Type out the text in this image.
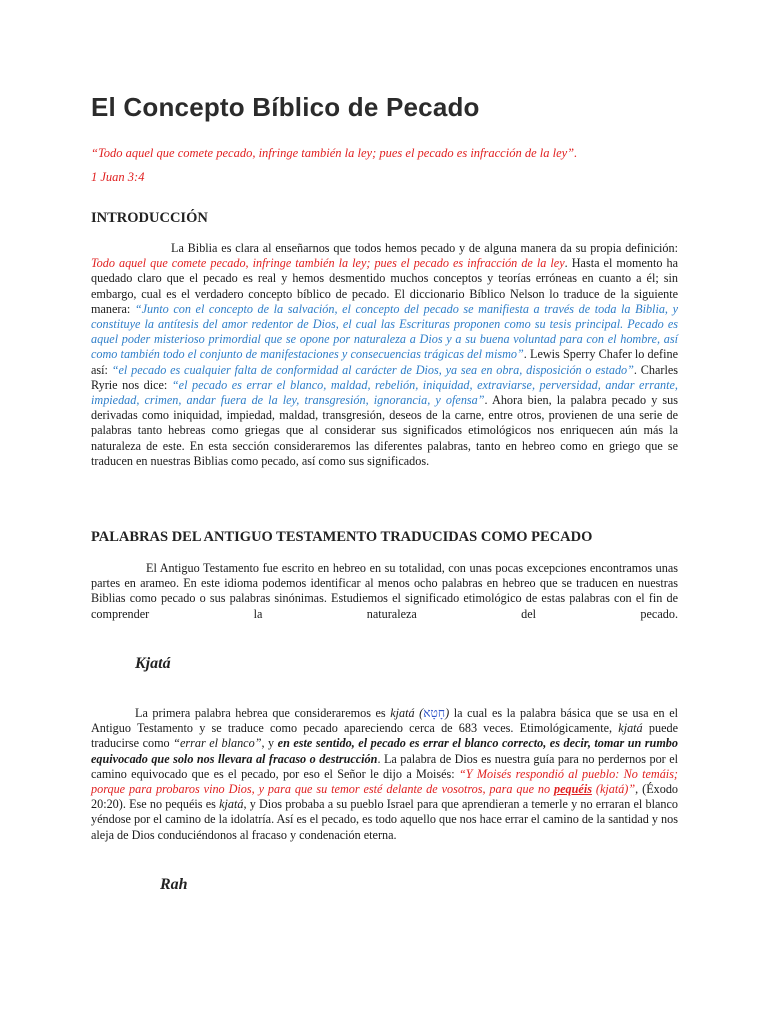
El Concepto Bíblico de Pecado
“Todo aquel que comete pecado, infringe también la ley; pues el pecado es infracción de la ley”.
1 Juan 3:4
INTRODUCCIÓN

La Biblia es clara al enseñarnos que todos hemos pecado y de alguna manera da su propia definición: Todo aquel que comete pecado, infringe también la ley; pues el pecado es infracción de la ley. Hasta el momento ha quedado claro que el pecado es real y hemos desmentido muchos conceptos y teorías erróneas en cuanto a él; sin embargo, cual es el verdadero concepto bíblico de pecado. El diccionario Bíblico Nelson lo traduce de la siguiente manera: “Junto con el concepto de la salvación, el concepto del pecado se manifiesta a través de toda la Biblia, y constituye la antítesis del amor redentor de Dios, el cual las Escrituras proponen como su tesis principal. Pecado es aquel poder misterioso primordial que se opone por naturaleza a Dios y a su buena voluntad para con el hombre, así como también todo el conjunto de manifestaciones y consecuencias trágicas del mismo”. Lewis Sperry Chafer lo define así: “el pecado es cualquier falta de conformidad al carácter de Dios, ya sea en obra, disposición o estado”. Charles Ryrie nos dice: “el pecado es errar el blanco, maldad, rebelión, iniquidad, extraviarse, perversidad, andar errante, impiedad, crimen, andar fuera de la ley, transgresión, ignorancia, y ofensa”. Ahora bien, la palabra pecado y sus derivadas como iniquidad, impiedad, maldad, transgresión, deseos de la carne, entre otros, provienen de una serie de palabras tanto hebreas como griegas que al considerar sus significados etimológicos nos enriquecen aún más la naturaleza de este. En esta sección consideraremos las diferentes palabras, tanto en hebreo como en griego que se traducen en nuestras Biblias como pecado, así como sus significados.

PALABRAS DEL ANTIGUO TESTAMENTO TRADUCIDAS COMO PECADO

El Antiguo Testamento fue escrito en hebreo en su totalidad, con unas pocas excepciones encontramos unas partes en arameo. En este idioma podemos identificar al menos ocho palabras en hebreo que se traducen en nuestras Biblias como pecado o sus palabras sinónimas. Estudiemos el significado etimológico de estas palabras con el fin de comprender la naturaleza del pecado.

Kjatá

La primera palabra hebrea que consideraremos es kjatá (חָטָא) la cual es la palabra básica que se usa en el Antiguo Testamento y se traduce como pecado apareciendo cerca de 683 veces. Etimológicamente, kjatá puede traducirse como “errar el blanco”, y en este sentido, el pecado es errar el blanco correcto, es decir, tomar un rumbo equivocado que solo nos llevara al fracaso o destrucción. La palabra de Dios es nuestra guía para no perdernos por el camino equivocado que es el pecado, por eso el Señor le dijo a Moisés: “Y Moisés respondió al pueblo: No temáis; porque para probaros vino Dios, y para que su temor esté delante de vosotros, para que no pequéis (kjatá)”, (Éxodo 20:20). Ese no pequéis es kjatá, y Dios probaba a su pueblo Israel para que aprendieran a temerle y no erraran el blanco yéndose por el camino de la idolatría. Así es el pecado, es todo aquello que nos hace errar el camino de la santidad y nos aleja de Dios conduciéndonos al fracaso y condenación eterna.

Rah
